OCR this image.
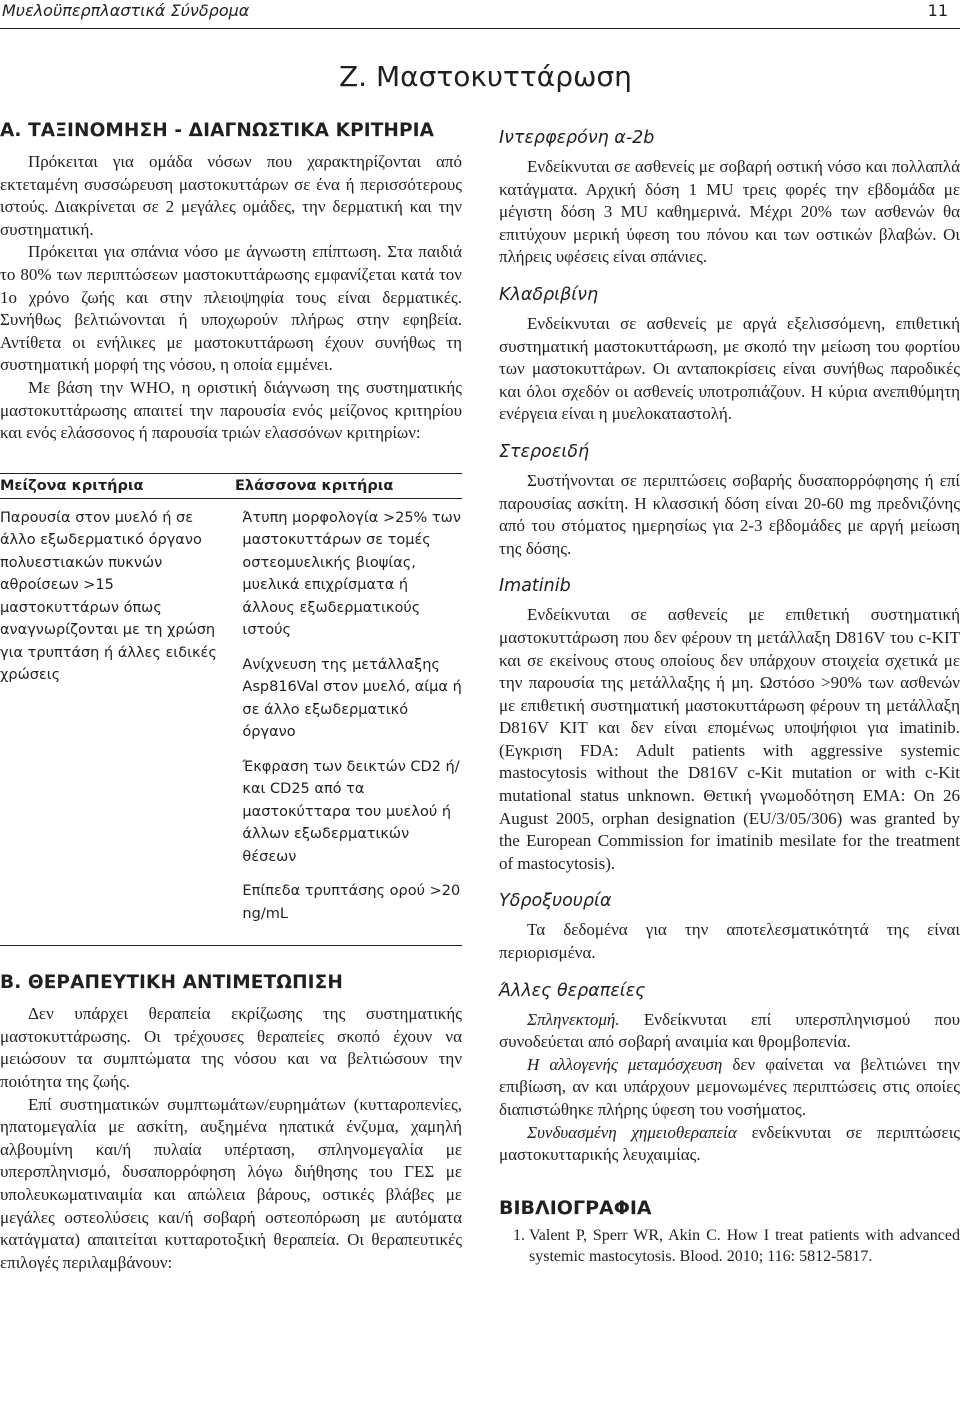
Μυελοϋπερπλαστικά Σύνδρομα	11
Ζ. Μαστοκυττάρωση
Α. ΤΑΞΙΝΟΜΗΣΗ - ΔΙΑΓΝΩΣΤΙΚΑ ΚΡΙΤΗΡΙΑ

Πρόκειται για ομάδα νόσων που χαρακτηρίζονται από εκτεταμένη συσσώρευση μαστοκυττάρων σε ένα ή περισσότερους ιστούς. Διακρίνεται σε 2 μεγάλες ομάδες, την δερματική και την συστηματική.

Πρόκειται για σπάνια νόσο με άγνωστη επίπτωση. Στα παιδιά το 80% των περιπτώσεων μαστοκυττάρωσης εμφανίζεται κατά τον 1ο χρόνο ζωής και στην πλειοψηφία τους είναι δερματικές. Συνήθως βελτιώνονται ή υποχωρούν πλήρως στην εφηβεία. Αντίθετα οι ενήλικες με μαστοκυττάρωση έχουν συνήθως τη συστηματική μορφή της νόσου, η οποία εμμένει.

Με βάση την WHO, η οριστική διάγνωση της συστηματικής μαστοκυττάρωσης απαιτεί την παρουσία ενός μείζονος κριτηρίου και ενός ελάσσονος ή παρουσία τριών ελασσόνων κριτηρίων:

Μείζονα κριτήρια	Ελάσσονα κριτήρια
Παρουσία στον μυελό ή σε άλλο εξωδερματικό όργανο πολυεστιακών πυκνών αθροίσεων >15 μαστοκυττάρων όπως αναγνωρίζονται με τη χρώση για τρυπτάση ή άλλες ειδικές χρώσεις
Άτυπη μορφολογία >25% των μαστοκυττάρων σε τομές οστεομυελικής βιοψίας, μυελικά επιχρίσματα ή άλλους εξωδερματικούς ιστούς
Ανίχνευση της μετάλλαξης Asp816Val στον μυελό, αίμα ή σε άλλο εξωδερματικό όργανο
Έκφραση των δεικτών CD2 ή/και CD25 από τα μαστοκύτταρα του μυελού ή άλλων εξωδερματικών θέσεων
Επίπεδα τρυπτάσης ορού >20 ng/mL
Β. ΘΕΡΑΠΕΥΤΙΚΗ ΑΝΤΙΜΕΤΩΠΙΣΗ

Δεν υπάρχει θεραπεία εκρίζωσης της συστηματικής μαστοκυττάρωσης. Οι τρέχουσες θεραπείες σκοπό έχουν να μειώσουν τα συμπτώματα της νόσου και να βελτιώσουν την ποιότητα της ζωής.

Επί συστηματικών συμπτωμάτων/ευρημάτων (κυτταροπενίες, ηπατομεγαλία με ασκίτη, αυξημένα ηπατικά ένζυμα, χαμηλή αλβουμίνη και/ή πυλαία υπέρταση, σπληνομεγαλία με υπερσπληνισμό, δυσαπορρόφηση λόγω διήθησης του ΓΕΣ με υπολευκωματιναιμία και απώλεια βάρους, οστικές βλάβες με μεγάλες οστεολύσεις και/ή σοβαρή οστεοπόρωση με αυτόματα κατάγματα) απαιτείται κυτταροτοξική θεραπεία. Οι θεραπευτικές επιλογές περιλαμβάνουν:

Ιντερφερόνη α-2b

Ενδείκνυται σε ασθενείς με σοβαρή οστική νόσο και πολλαπλά κατάγματα. Αρχική δόση 1 MU τρεις φορές την εβδομάδα με μέγιστη δόση 3 MU καθημερινά. Μέχρι 20% των ασθενών θα επιτύχουν μερική ύφεση του πόνου και των οστικών βλαβών. Οι πλήρεις υφέσεις είναι σπάνιες.

Κλαδριβίνη

Ενδείκνυται σε ασθενείς με αργά εξελισσόμενη, επιθετική συστηματική μαστοκυττάρωση, με σκοπό την μείωση του φορτίου των μαστοκυττάρων. Οι ανταποκρίσεις είναι συνήθως παροδικές και όλοι σχεδόν οι ασθενείς υποτροπιάζουν. Η κύρια ανεπιθύμητη ενέργεια είναι η μυελοκαταστολή.

Στεροειδή

Συστήνονται σε περιπτώσεις σοβαρής δυσαπορρόφησης ή επί παρουσίας ασκίτη. Η κλασσική δόση είναι 20-60 mg πρεδνιζόνης από του στόματος ημερησίως για 2-3 εβδομάδες με αργή μείωση της δόσης.

Imatinib

Ενδείκνυται σε ασθενείς με επιθετική συστηματική μαστοκυττάρωση που δεν φέρουν τη μετάλλαξη D816V του c-KIT και σε εκείνους στους οποίους δεν υπάρχουν στοιχεία σχετικά με την παρουσία της μετάλλαξης ή μη. Ωστόσο >90% των ασθενών με επιθετική συστηματική μαστοκυττάρωση φέρουν τη μετάλλαξη D816V KIT και δεν είναι επομένως υποψήφιοι για imatinib. (Εγκριση FDA: Adult patients with aggressive systemic mastocytosis without the D816V c-Kit mutation or with c-Kit mutational status unknown. Θετική γνωμοδότηση EMA: On 26 August 2005, orphan designation (EU/3/05/306) was granted by the European Commission for imatinib mesilate for the treatment of mastocytosis).

Υδροξυουρία

Τα δεδομένα για την αποτελεσματικότητά της είναι περιορισμένα.

Άλλες θεραπείες

Σπληνεκτομή. Ενδείκνυται επί υπερσπληνισμού που συνοδεύεται από σοβαρή αναιμία και θρομβοπενία.

Η αλλογενής μεταμόσχευση δεν φαίνεται να βελτιώνει την επιβίωση, αν και υπάρχουν μεμονωμένες περιπτώσεις στις οποίες διαπιστώθηκε πλήρης ύφεση του νοσήματος.

Συνδυασμένη χημειοθεραπεία ενδείκνυται σε περιπτώσεις μαστοκυτταρικής λευχαιμίας.

ΒΙΒΛΙΟΓΡΑΦΙΑ
1. Valent P, Sperr WR, Akin C. How I treat patients with advanced systemic mastocytosis. Blood. 2010; 116: 5812-5817.
